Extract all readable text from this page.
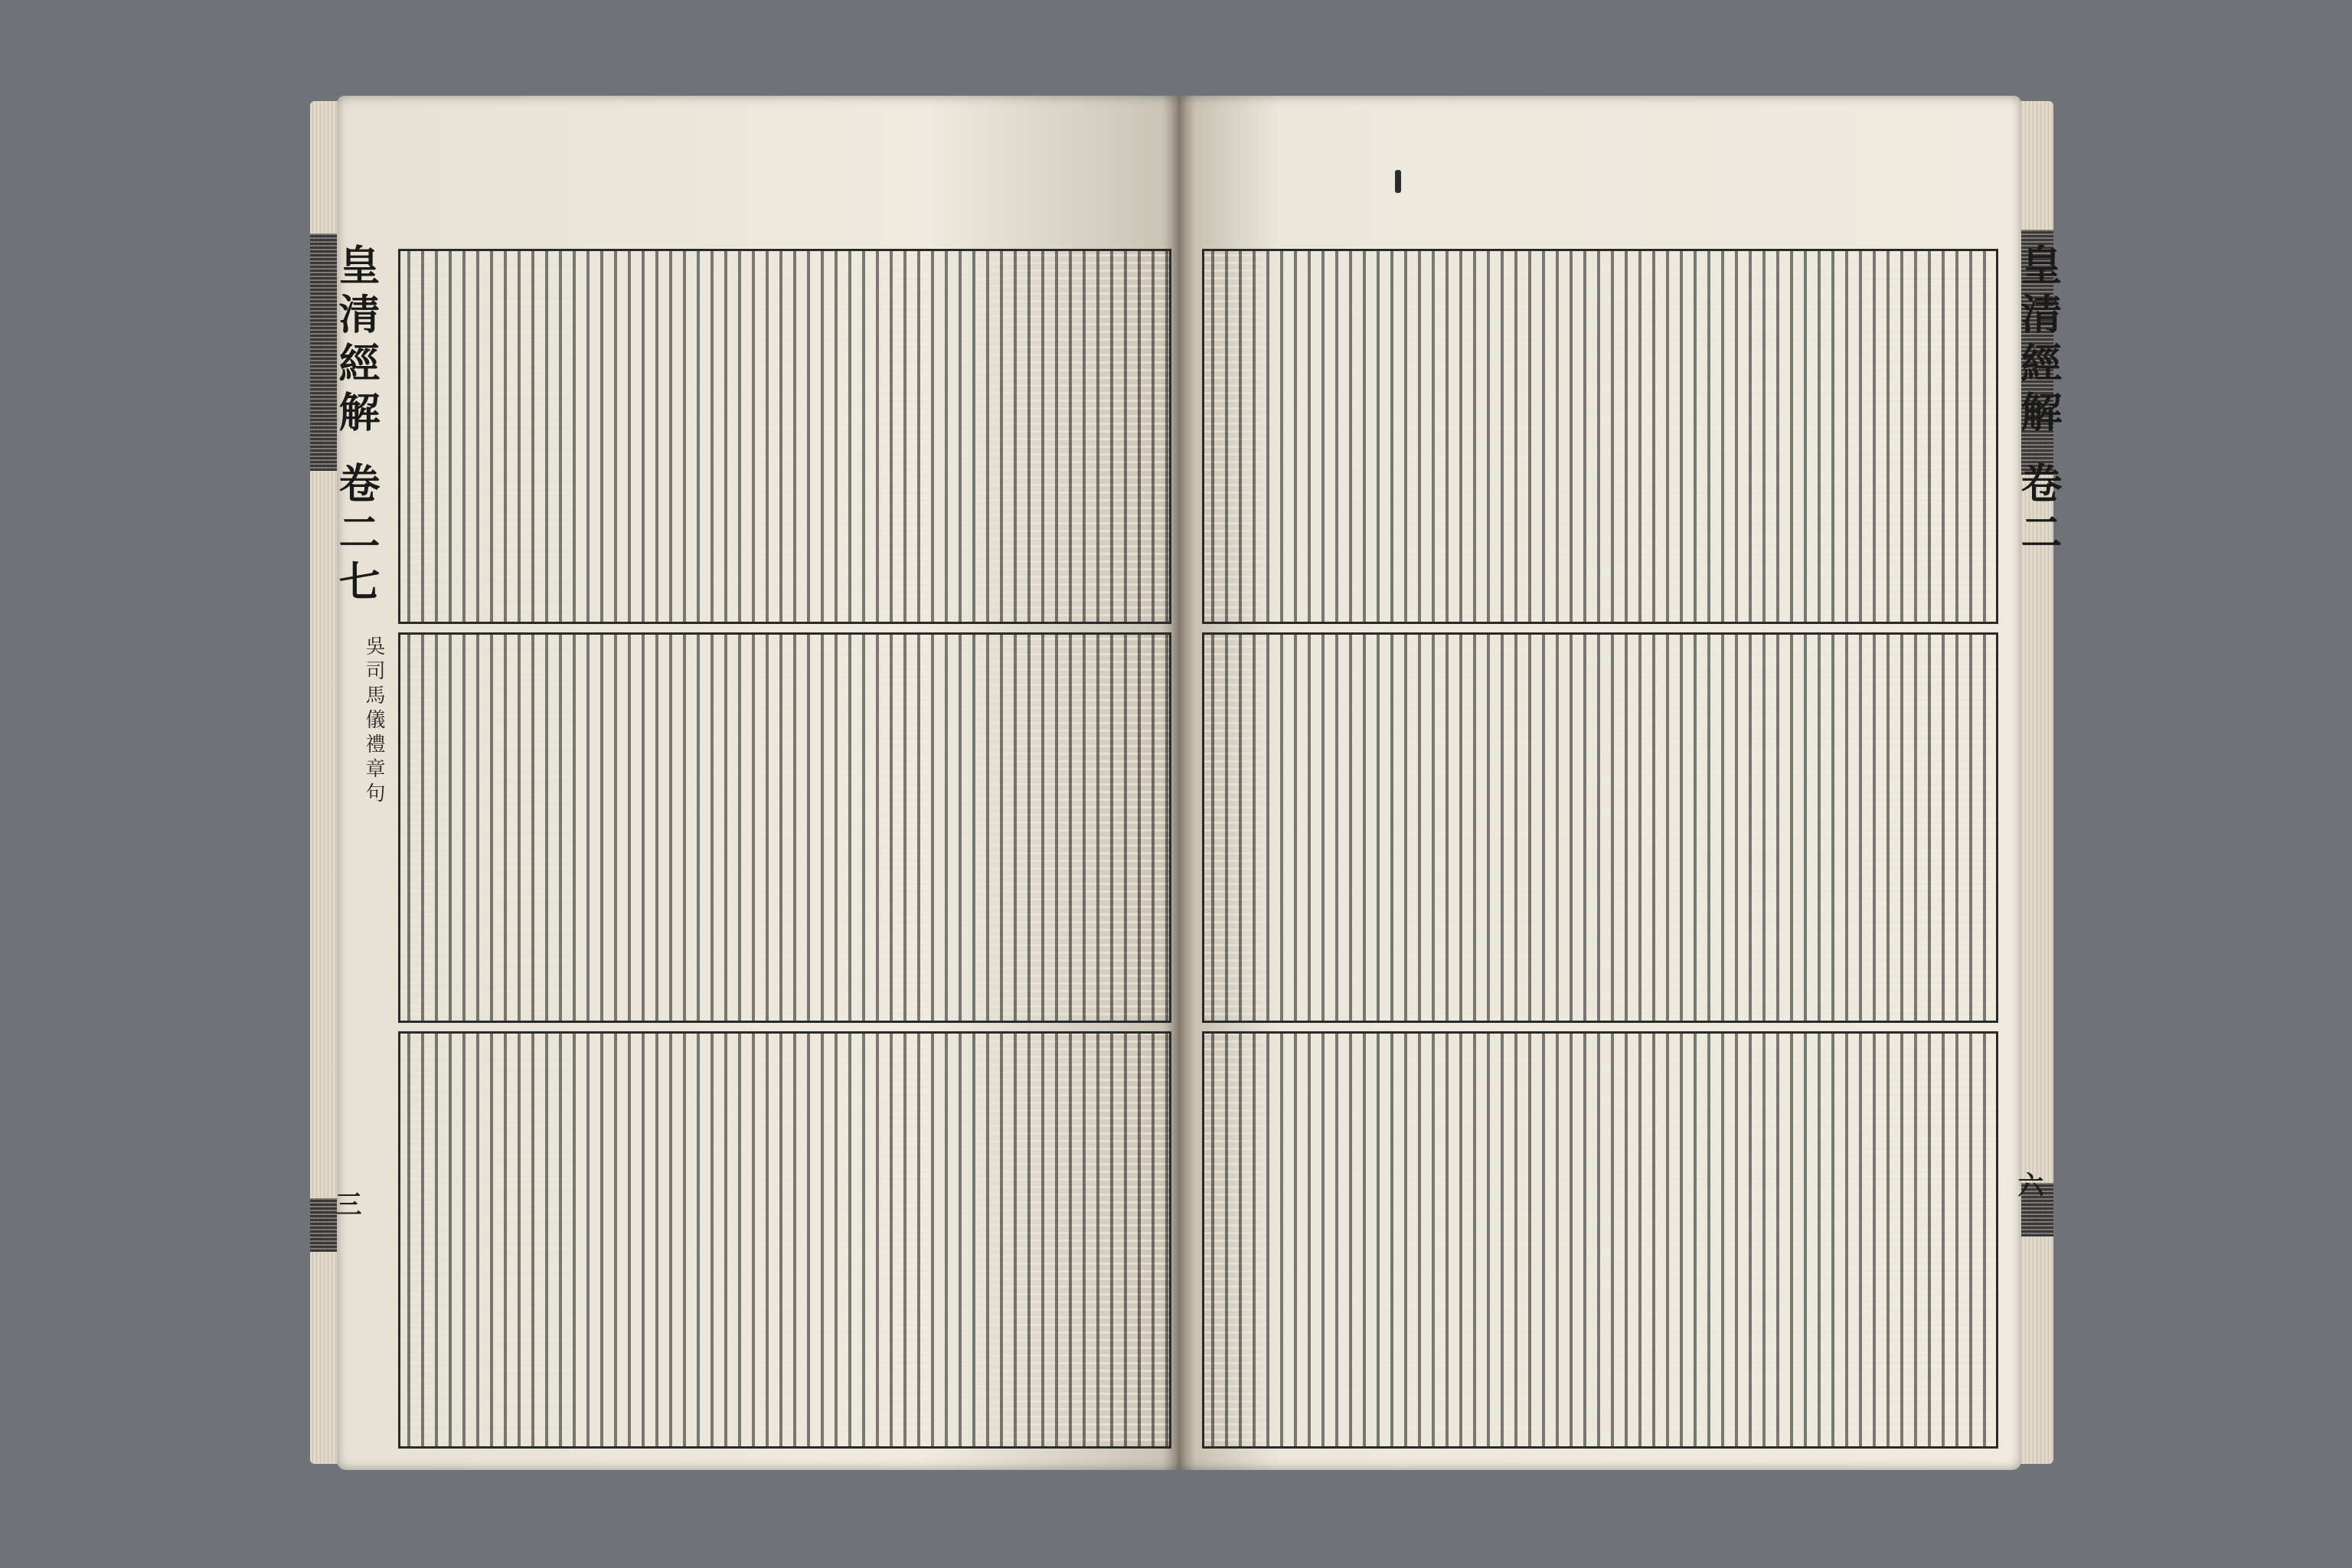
皇清經解 卷二七
皇清經解 卷二
吳司馬儀禮章句
三
六
